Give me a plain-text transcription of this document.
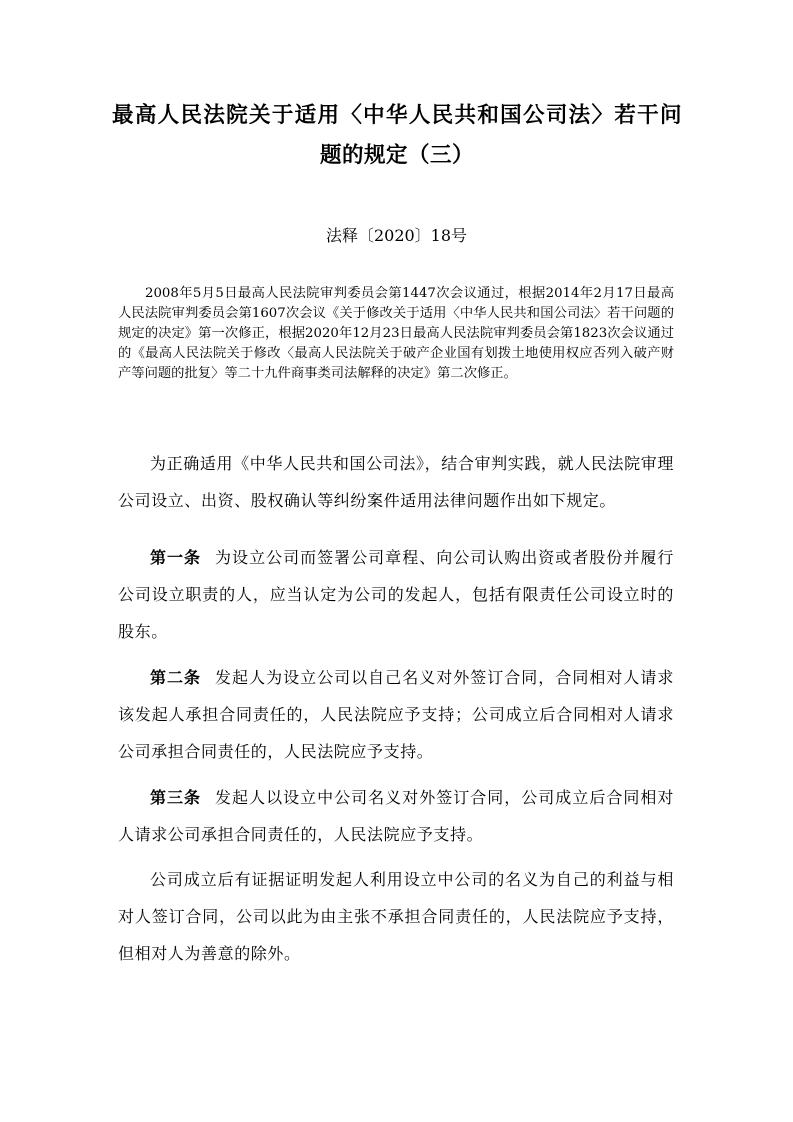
最高人民法院关于适用〈中华人民共和国公司法〉若干问题的规定（三）
法释〔2020〕18号
2008年5月5日最高人民法院审判委员会第1447次会议通过，根据2014年2月17日最高人民法院审判委员会第1607次会议《关于修改关于适用〈中华人民共和国公司法〉若干问题的规定的决定》第一次修正，根据2020年12月23日最高人民法院审判委员会第1823次会议通过的《最高人民法院关于修改〈最高人民法院关于破产企业国有划拨土地使用权应否列入破产财产等问题的批复〉等二十九件商事类司法解释的决定》第二次修正。
为正确适用《中华人民共和国公司法》，结合审判实践，就人民法院审理公司设立、出资、股权确认等纠纷案件适用法律问题作出如下规定。
第一条 为设立公司而签署公司章程、向公司认购出资或者股份并履行公司设立职责的人，应当认定为公司的发起人，包括有限责任公司设立时的股东。
第二条 发起人为设立公司以自己名义对外签订合同，合同相对人请求该发起人承担合同责任的，人民法院应予支持；公司成立后合同相对人请求公司承担合同责任的，人民法院应予支持。
第三条 发起人以设立中公司名义对外签订合同，公司成立后合同相对人请求公司承担合同责任的，人民法院应予支持。
公司成立后有证据证明发起人利用设立中公司的名义为自己的利益与相对人签订合同，公司以此为由主张不承担合同责任的，人民法院应予支持，但相对人为善意的除外。
